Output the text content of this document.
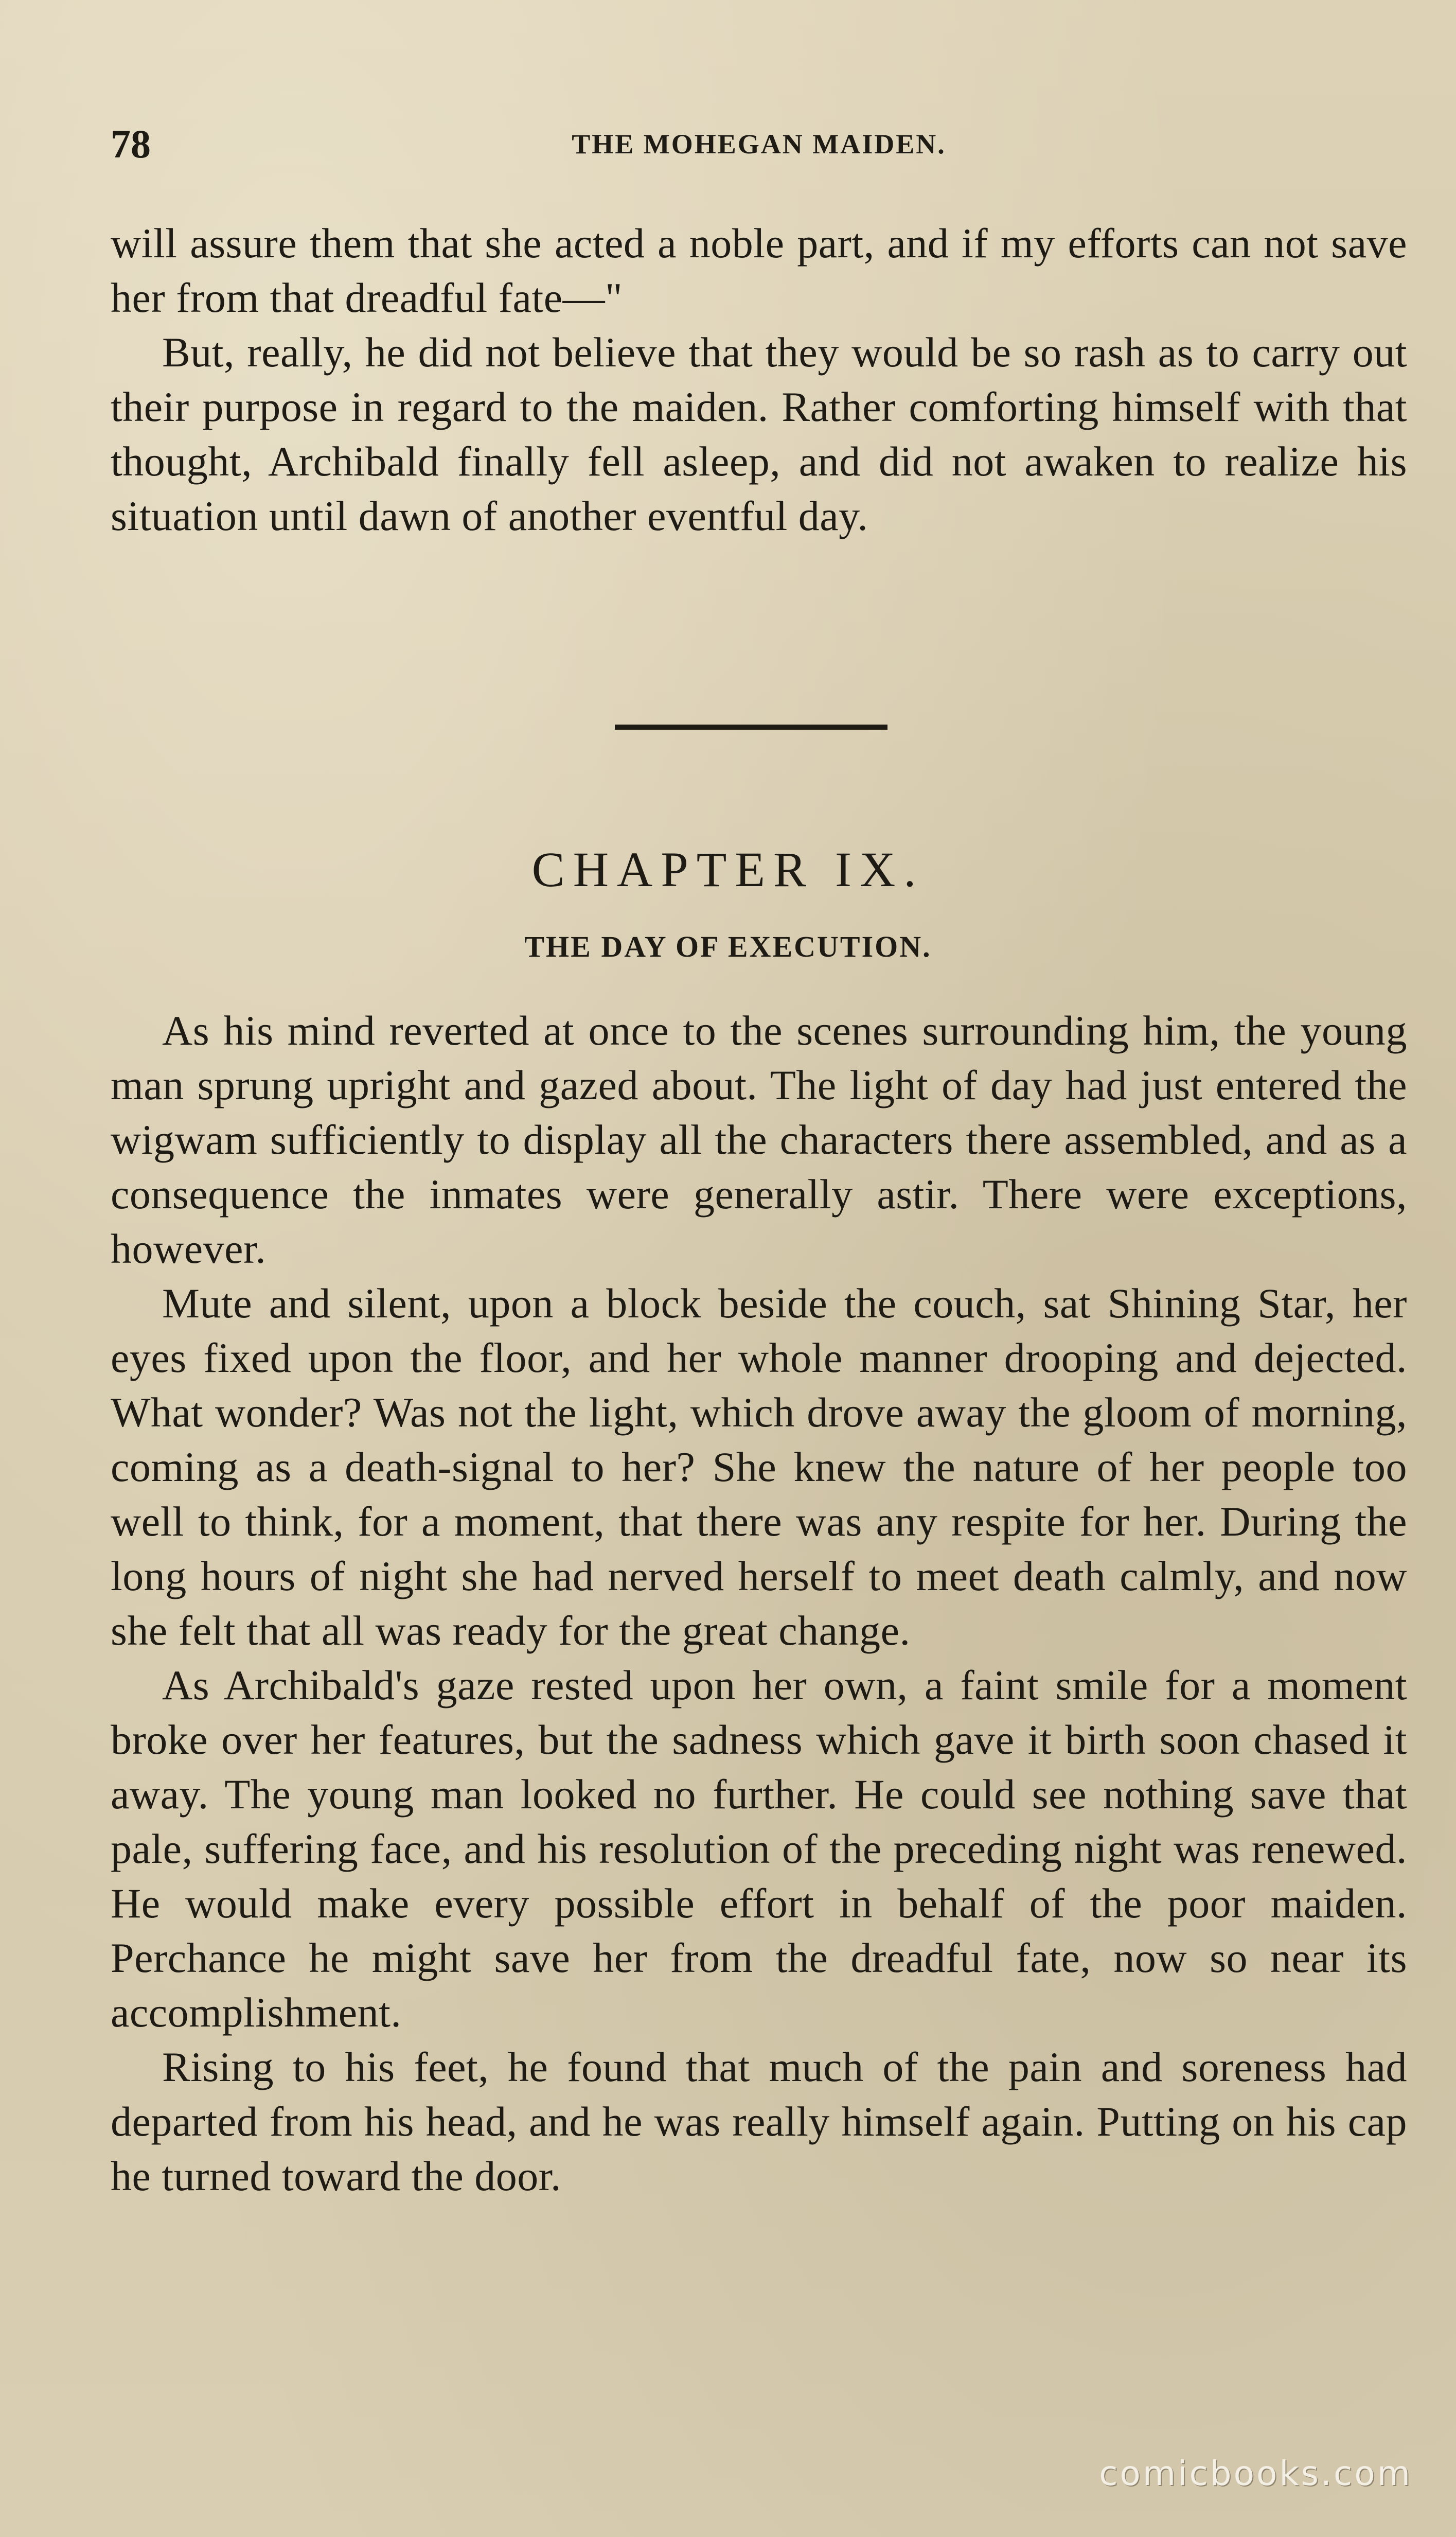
78	THE MOHEGAN MAIDEN.

will assure them that she acted a noble part, and if my efforts can not save her from that dreadful fate—"

But, really, he did not believe that they would be so rash as to carry out their purpose in regard to the maiden. Rather comforting himself with that thought, Archibald finally fell asleep, and did not awaken to realize his situation until dawn of another eventful day.

CHAPTER IX.
THE DAY OF EXECUTION.

As his mind reverted at once to the scenes surrounding him, the young man sprung upright and gazed about. The light of day had just entered the wigwam sufficiently to display all the characters there assembled, and as a consequence the inmates were generally astir. There were exceptions, however.

Mute and silent, upon a block beside the couch, sat Shining Star, her eyes fixed upon the floor, and her whole manner drooping and dejected. What wonder? Was not the light, which drove away the gloom of morning, coming as a death-signal to her? She knew the nature of her people too well to think, for a moment, that there was any respite for her. During the long hours of night she had nerved herself to meet death calmly, and now she felt that all was ready for the great change.

As Archibald's gaze rested upon her own, a faint smile for a moment broke over her features, but the sadness which gave it birth soon chased it away. The young man looked no further. He could see nothing save that pale, suffering face, and his resolution of the preceding night was renewed. He would make every possible effort in behalf of the poor maiden. Perchance he might save her from the dreadful fate, now so near its accomplishment.

Rising to his feet, he found that much of the pain and soreness had departed from his head, and he was really himself again. Putting on his cap he turned toward the door.

comicbooks.com
